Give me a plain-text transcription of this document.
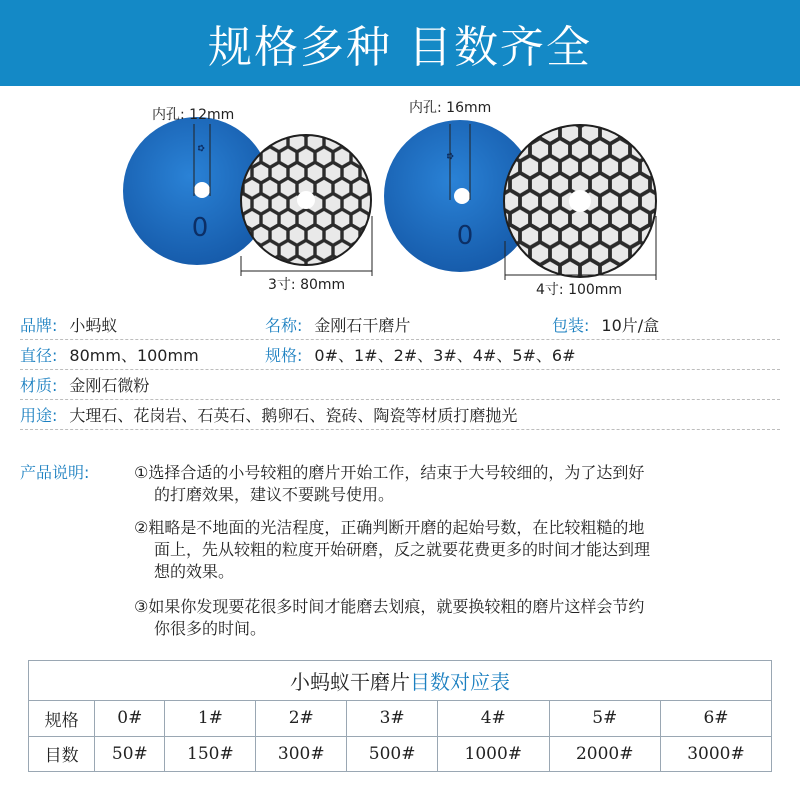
规格多种 目数齐全
✿
0
内孔: 12mm
3寸: 80mm
✿
0
内孔: 16mm
4寸: 100mm
品牌: 小蚂蚁	名称: 金刚石干磨片	包装: 10片/盒
直径: 80mm、100mm	规格: 0#、1#、2#、3#、4#、5#、6#
材质: 金刚石微粉
用途: 大理石、花岗岩、石英石、鹅卵石、瓷砖、陶瓷等材质打磨抛光
产品说明:	①选择合适的小号较粗的磨片开始工作，结束于大号较细的，为了达到好
的打磨效果，建议不要跳号使用。
②粗略是不地面的光洁程度，正确判断开磨的起始号数，在比较粗糙的地
面上，先从较粗的粒度开始研磨，反之就要花费更多的时间才能达到理
想的效果。
③如果你发现要花很多时间才能磨去划痕，就要换较粗的磨片这样会节约
你很多的时间。
小蚂蚁干磨片 目数对应表
规格	0#	1#	2#	3#	4#	5#	6#
目数	50#	150#	300#	500#	1000#	2000#	3000#
